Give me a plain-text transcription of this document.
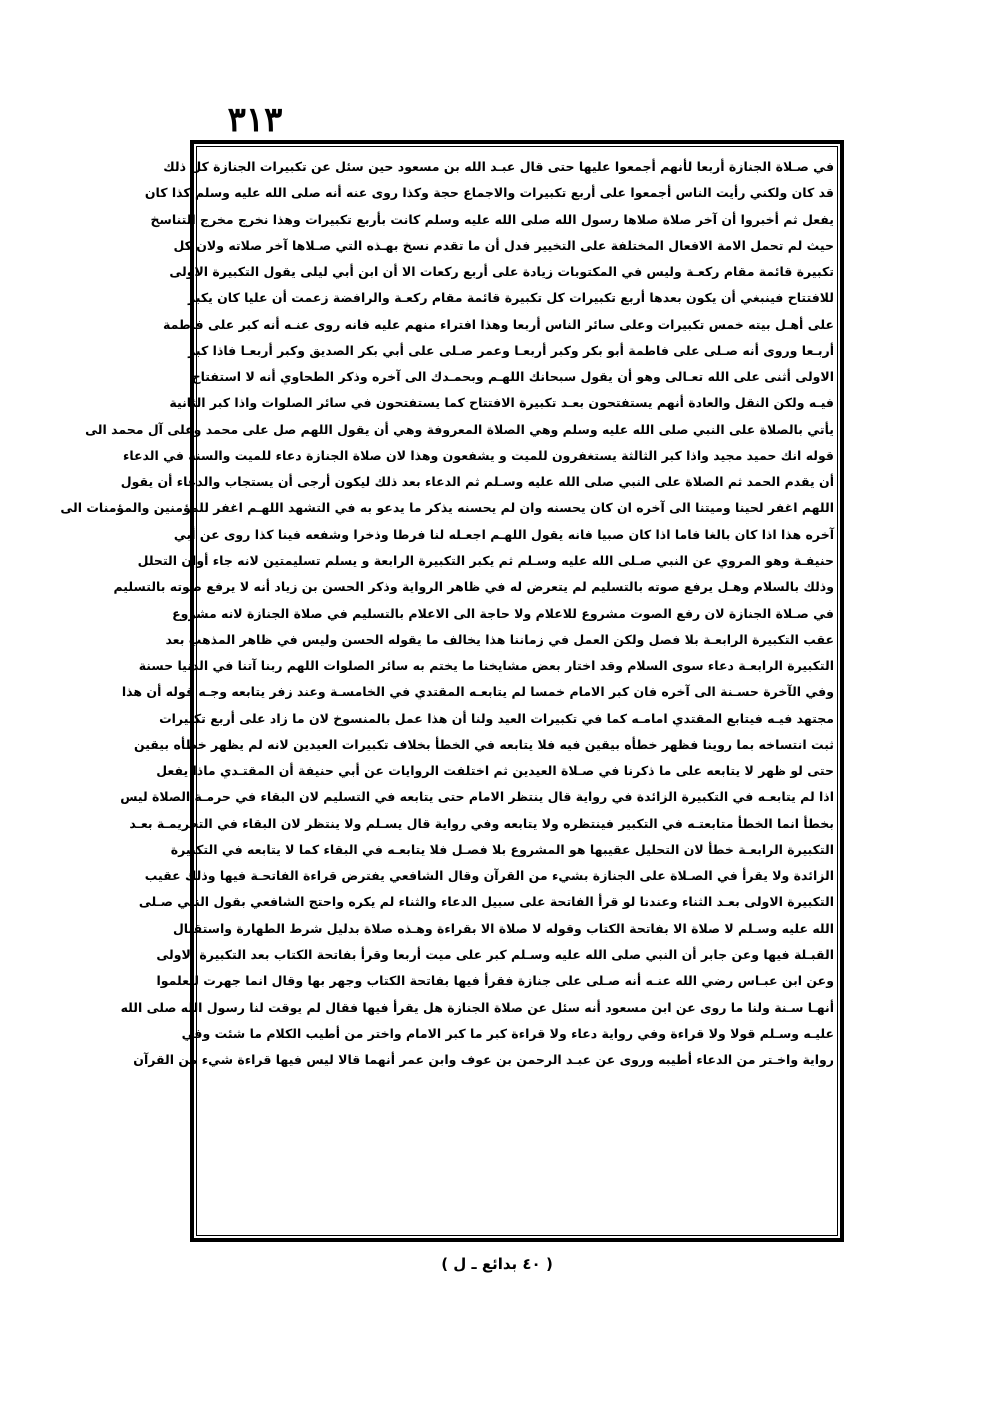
٣١٣
في صـلاة الجنازة أربعا لأنهم أجمعوا عليها حتى قال عبـد الله بن مسعود حين سئل عن تكبيرات الجنازة كل ذلك
قد كان ولكني رأيت الناس أجمعوا على أربع تكبيرات والاجماع حجة وكذا روى عنه أنه صلى الله عليه وسلم كذا كان
يفعل ثم أخبروا أن آخر صلاة صلاها رسول الله صلى الله عليه وسلم كانت بأربع تكبيرات وهذا نخرج مخرج التناسخ
حيث لم تحمل الامة الافعال المختلفة على التخيير فدل أن ما تقدم نسخ بهـذه التي صـلاها آخر صلاته ولان كل
تكبيرة قائمة مقام ركعـة وليس في المكتوبات زيادة على أربع ركعات الا أن ابن أبي ليلى يقول التكبيرة الاولى
للافتتاح فينبغي أن يكون بعدها أربع تكبيرات كل تكبيرة قائمة مقام ركعـة والرافضة زعمت أن عليا كان يكبر
على أهـل بيته خمس تكبيرات وعلى سائر الناس أربعا وهذا افتراء منهم عليه فانه روى عنـه أنه كبر على فاطمة
أربـعا وروى أنه صـلى على فاطمة أبو بكر وكبر أربعـا وعمر صـلى على أبي بكر الصديق وكبر أربعـا فاذا كبر
الاولى أثنى على الله تعـالى وهو أن يقول سبحانك اللهـم وبحمـدك الى آخره وذكر الطحاوي أنه لا استفتاح
فيـه ولكن النقل والعادة أنهم يستفتحون بعـد تكبيرة الافتتاح كما يستفتحون في سائر الصلوات واذا كبر الثانية
يأتي بالصلاة على النبي صلى الله عليه وسلم وهي الصلاة المعروفة وهي أن يقول اللهم صل على محمد وعلى آل محمد الى
قوله انك حميد مجيد واذا كبر الثالثة يستغفرون للميت و يشفعون وهذا لان صلاة الجنازة دعاء للميت والسنة في الدعاء
أن يقدم الحمد ثم الصلاة على النبي صلى الله عليه وسـلم ثم الدعاء بعد ذلك ليكون أرجى أن يستجاب والدعاء أن يقول
اللهم اغفر لحينا وميتنا الى آخره ان كان يحسنه وان لم يحسنه يذكر ما يدعو به في التشهد اللهـم اغفر للمؤمنين والمؤمنات الى
آخره هذا اذا كان بالغا فاما اذا كان صبيا فانه يقول اللهـم اجعـله لنا فرطا وذخرا وشفعه فينا كذا روى عن أبي
حنيفـة وهو المروي عن النبي صـلى الله عليه وسـلم ثم يكبر التكبيرة الرابعة و يسلم تسليمتين لانه جاء أوان التحلل
وذلك بالسلام وهـل يرفع صوته بالتسليم لم يتعرض له في ظاهر الرواية وذكر الحسن بن زياد أنه لا يرفع صوته بالتسليم
في صـلاة الجنازة لان رفع الصوت مشروع للاعلام ولا حاجة الى الاعلام بالتسليم في صلاة الجنازة لانه مشروع
عقب التكبيرة الرابعـة بلا فصل ولكن العمل في زماننا هذا يخالف ما يقوله الحسن وليس في ظاهر المذهب بعد
التكبيرة الرابعـة دعاء سوى السلام وقد اختار بعض مشايخنا ما يختم به سائر الصلوات اللهم ربنا آتنا في الدنيا حسنة
وفي الآخرة حسـنة الى آخره فان كبر الامام خمسا لم يتابعـه المقتدي في الخامسـة وعند زفر يتابعه وجـه قوله أن هذا
مجتهد فيـه فيتابع المقتدي امامـه كما في تكبيرات العيد ولنا أن هذا عمل بالمنسوخ لان ما زاد على أربع تكبيرات
ثبت انتساخه بما روينا فظهر خطأه بيقين فيه فلا يتابعه في الخطأ بخلاف تكبيرات العيدين لانه لم يظهر خطأه بيقين
حتى لو ظهر لا يتابعه على ما ذكرنا في صـلاة العيدين ثم اختلفت الروايات عن أبي حنيفة أن المقتـدي ماذا يفعل
اذا لم يتابعـه في التكبيرة الزائدة في رواية قال ينتظر الامام حتى يتابعه في التسليم لان البقاء في حرمـة الصلاة ليس
بخطأ انما الخطأ متابعتـه في التكبير فينتظره ولا يتابعه وفي رواية قال يسـلم ولا ينتظر لان البقاء في التحريمـة بعـد
التكبيرة الرابعـة خطأ لان التحليل عقيبها هو المشروع بلا فصـل فلا يتابعـه في البقاء كما لا يتابعه في التكبيرة
الزائدة ولا يقرأ في الصـلاة على الجنازة بشيء من القرآن وقال الشافعي يفترض قراءة الفاتحـة فيها وذلك عقيب
التكبيرة الاولى بعـد الثناء وعندنا لو قرأ الفاتحة على سبيل الدعاء والثناء لم يكره واحتج الشافعي بقول النبي صـلى
الله عليه وسـلم لا صلاة الا بفاتحة الكتاب وقوله لا صلاة الا بقراءة وهـذه صلاة بدليل شرط الطهارة واستقبال
القبـلة فيها وعن جابر أن النبي صلى الله عليه وسـلم كبر على ميت أربعا وقرأ بفاتحة الكتاب بعد التكبيرة الاولى
وعن ابن عبـاس رضي الله عنـه أنه صـلى على جنازة فقرأ فيها بفاتحة الكتاب وجهر بها وقال انما جهرت لتعلموا
أنهـا سـنة ولنا ما روى عن ابن مسعود أنه سئل عن صلاة الجنازة هل يقرأ فيها فقال لم يوقت لنا رسول الله صلى الله
عليـه وسـلم قولا ولا قراءة وفي رواية دعاء ولا قراءة كبر ما كبر الامام واختر من أطيب الكلام ما شئت وفي
رواية واخـتر من الدعاء أطيبه وروى عن عبـد الرحمن بن عوف وابن عمر أنهما قالا ليس فيها قراءة شيء من القرآن
( ٤٠ بدائع ـ ل )
